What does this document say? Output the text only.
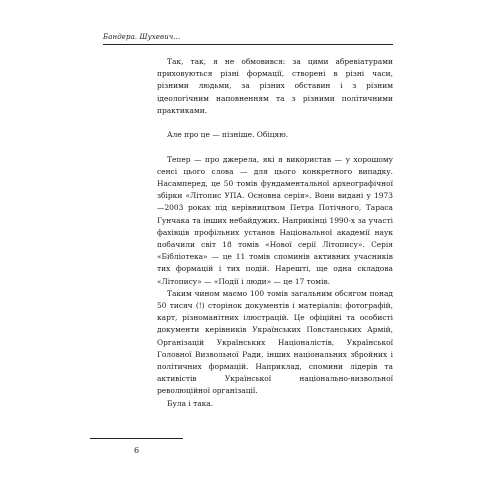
Бандера. Шухевич...

Так, так, я не обмовився: за цими абревіатурами приховуються різні формації, створені в різні часи, різними людьми, за різних обставин і з різним ідеологічним наповненням та з різними політичними практиками.

Але про це — пізніше. Обіцяю.

Тепер — про джерела, які я використав — у хорошому сенсі цього слова — для цього конкретного випадку. Насамперед, це 50 томів фундаментальної археографічної збірки «Літопис УПА. Основна серія». Вони видані у 1973—2003 роках під керівництвом Петра Потічного, Тараса Гунчака та інших небайдужих. Наприкінці 1990-х за участі фахівців профільних установ Національної академії наук побачили світ 18 томів «Нової серії Літопису». Серія «Бібліотека» — це 11 томів споминів активних учасників тих формацій і тих подій. Нарешті, ще одна складова «Літопису» — «Події і люди» — це 17 томів.

Таким чином маємо 100 томів загальним обсягом понад 50 тисяч (!) сторінок документів і матеріалів: фотографій, карт, різноманітних ілюстрацій. Це офіційні та особисті документи керівників Українських Повстанських Армій, Організацій Українських Націоналістів, Української Головної Визвольної Ради, інших національних збройних і політичних формацій. Наприклад, спомини лідерів та активістів Української національно-визвольної революційної організації.

Була і така.

6
